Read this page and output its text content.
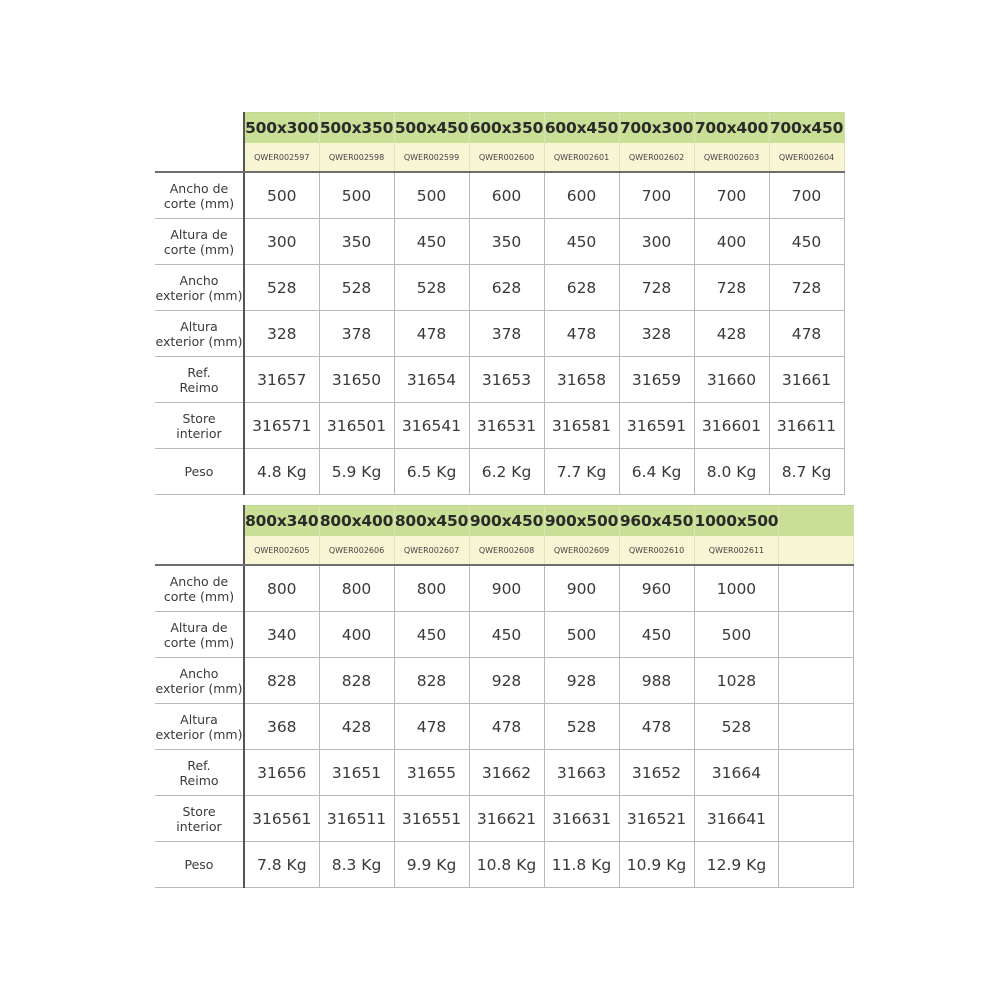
	500x300	500x350	500x450	600x350	600x450	700x300	700x400	700x450
	QWER002597	QWER002598	QWER002599	QWER002600	QWER002601	QWER002602	QWER002603	QWER002604

Ancho de
corte (mm)	500	500	500	600	600	700	700	700

Altura de
corte (mm)	300	350	450	350	450	300	400	450

Ancho
exterior (mm)	528	528	528	628	628	728	728	728

Altura
exterior (mm)	328	378	478	378	478	328	428	478

Ref.
Reimo	31657	31650	31654	31653	31658	31659	31660	31661

Store
interior	316571	316501	316541	316531	316581	316591	316601	316611

Peso	4.8 Kg	5.9 Kg	6.5 Kg	6.2 Kg	7.7 Kg	6.4 Kg	8.0 Kg	8.7 Kg
	800x340	800x400	800x450	900x450	900x500	960x450	1000x500	
	QWER002605	QWER002606	QWER002607	QWER002608	QWER002609	QWER002610	QWER002611	

Ancho de
corte (mm)	800	800	800	900	900	960	1000	

Altura de
corte (mm)	340	400	450	450	500	450	500	

Ancho
exterior (mm)	828	828	828	928	928	988	1028	

Altura
exterior (mm)	368	428	478	478	528	478	528	

Ref.
Reimo	31656	31651	31655	31662	31663	31652	31664	

Store
interior	316561	316511	316551	316621	316631	316521	316641	

Peso	7.8 Kg	8.3 Kg	9.9 Kg	10.8 Kg	11.8 Kg	10.9 Kg	12.9 Kg	
